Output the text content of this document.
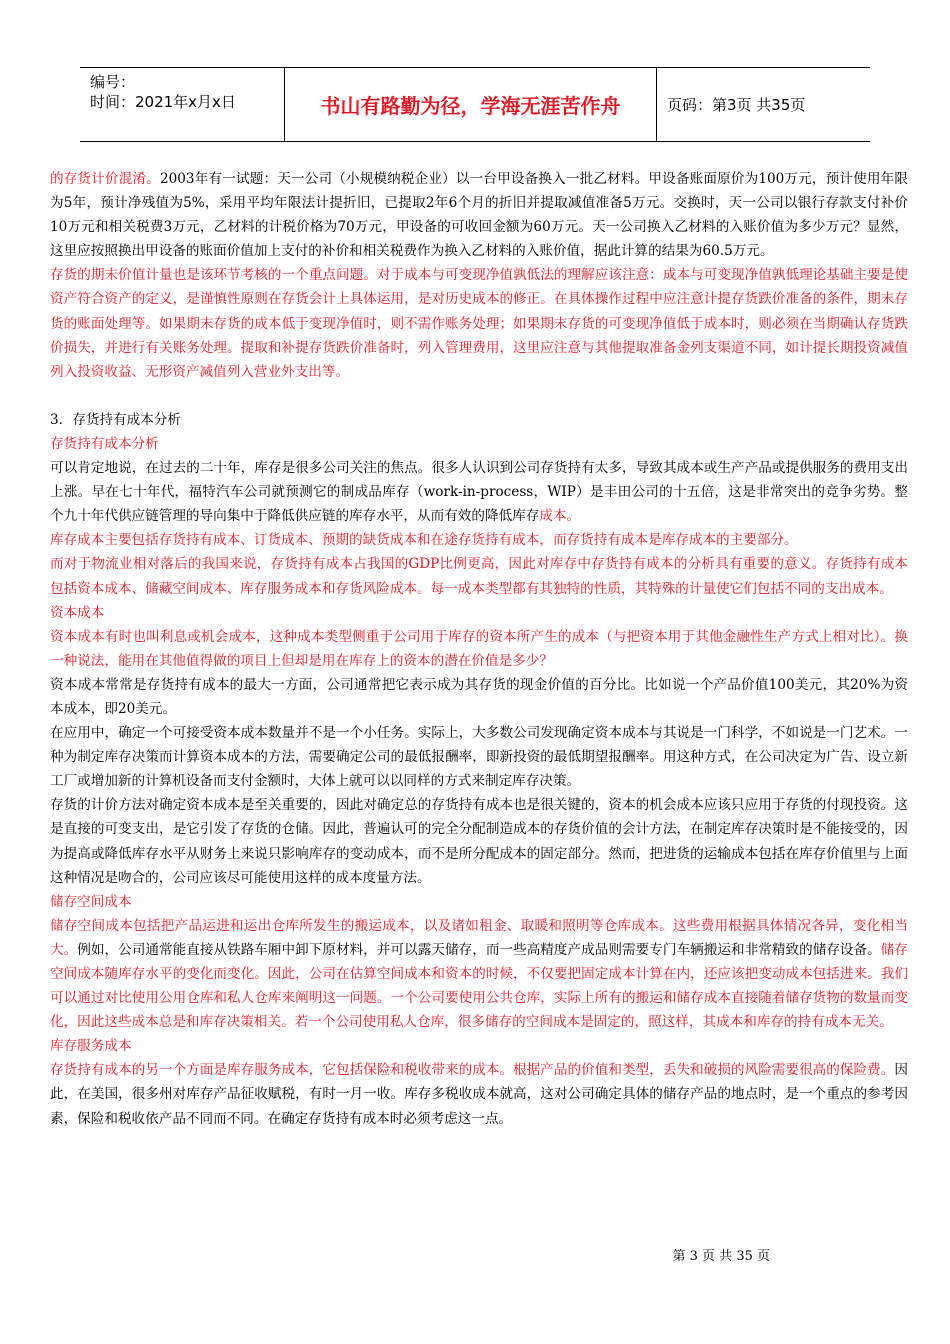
编号：
时间：2021年x月x日	书山有路勤为径，学海无涯苦作舟	页码：第3页 共35页

的存货计价混淆。2003年有一试题：天一公司（小规模纳税企业）以一台甲设备换入一批乙材料。甲设备账面原价为100万元，预计使用年限为5年，预计净残值为5%，采用平均年限法计提折旧，已提取2年6个月的折旧并提取减值准备5万元。交换时，天一公司以银行存款支付补价10万元和相关税费3万元，乙材料的计税价格为70万元，甲设备的可收回金额为60万元。天一公司换入乙材料的入账价值为多少万元？显然，这里应按照换出甲设备的账面价值加上支付的补价和相关税费作为换入乙材料的入账价值，据此计算的结果为60.5万元。

存货的期末价值计量也是该环节考核的一个重点问题。对于成本与可变现净值孰低法的理解应该注意：成本与可变现净值孰低理论基础主要是使资产符合资产的定义，是谨慎性原则在存货会计上具体运用，是对历史成本的修正。在具体操作过程中应注意计提存货跌价准备的条件，期末存货的账面处理等。如果期末存货的成本低于变现净值时，则不需作账务处理；如果期末存货的可变现净值低于成本时，则必须在当期确认存货跌价损失，并进行有关账务处理。提取和补提存货跌价准备时，列入管理费用，这里应注意与其他提取准备金列支渠道不同，如计提长期投资减值列入投资收益、无形资产减值列入营业外支出等。

3．存货持有成本分析

存货持有成本分析

可以肯定地说，在过去的二十年，库存是很多公司关注的焦点。很多人认识到公司存货持有太多，导致其成本或生产产品或提供服务的费用支出上涨。早在七十年代，福特汽车公司就预测它的制成品库存（work-in-process，WIP）是丰田公司的十五倍，这是非常突出的竞争劣势。整个九十年代供应链管理的导向集中于降低供应链的库存水平，从而有效的降低库存成本。

库存成本主要包括存货持有成本、订货成本、预期的缺货成本和在途存货持有成本，而存货持有成本是库存成本的主要部分。

而对于物流业相对落后的我国来说，存货持有成本占我国的GDP比例更高，因此对库存中存货持有成本的分析具有重要的意义。存货持有成本包括资本成本、储藏空间成本、库存服务成本和存货风险成本。每一成本类型都有其独特的性质，其特殊的计量使它们包括不同的支出成本。

资本成本

资本成本有时也叫利息或机会成本，这种成本类型侧重于公司用于库存的资本所产生的成本（与把资本用于其他金融性生产方式上相对比）。换一种说法，能用在其他值得做的项目上但却是用在库存上的资本的潜在价值是多少？

资本成本常常是存货持有成本的最大一方面，公司通常把它表示成为其存货的现金价值的百分比。比如说一个产品价值100美元，其20%为资本成本，即20美元。

在应用中，确定一个可接受资本成本数量并不是一个小任务。实际上，大多数公司发现确定资本成本与其说是一门科学，不如说是一门艺术。一种为制定库存决策而计算资本成本的方法，需要确定公司的最低报酬率，即新投资的最低期望报酬率。用这种方式，在公司决定为广告、设立新工厂或增加新的计算机设备而支付金额时，大体上就可以以同样的方式来制定库存决策。

存货的计价方法对确定资本成本是至关重要的，因此对确定总的存货持有成本也是很关键的，资本的机会成本应该只应用于存货的付现投资。这是直接的可变支出，是它引发了存货的仓储。因此，普遍认可的完全分配制造成本的存货价值的会计方法，在制定库存决策时是不能接受的，因为提高或降低库存水平从财务上来说只影响库存的变动成本，而不是所分配成本的固定部分。然而，把进货的运输成本包括在库存价值里与上面这种情况是吻合的，公司应该尽可能使用这样的成本度量方法。

储存空间成本

储存空间成本包括把产品运进和运出仓库所发生的搬运成本，以及诸如租金、取暖和照明等仓库成本。这些费用根据具体情况各异，变化相当大。例如，公司通常能直接从铁路车厢中卸下原材料，并可以露天储存，而一些高精度产成品则需要专门车辆搬运和非常精致的储存设备。储存空间成本随库存水平的变化而变化。因此，公司在估算空间成本和资本的时候，不仅要把固定成本计算在内，还应该把变动成本包括进来。我们可以通过对比使用公用仓库和私人仓库来阐明这一问题。一个公司要使用公共仓库，实际上所有的搬运和储存成本直接随着储存货物的数量而变化，因此这些成本总是和库存决策相关。若一个公司使用私人仓库，很多储存的空间成本是固定的，照这样，其成本和库存的持有成本无关。

库存服务成本

存货持有成本的另一个方面是库存服务成本，它包括保险和税收带来的成本。根据产品的价值和类型，丢失和破损的风险需要很高的保险费。因此，在美国，很多州对库存产品征收赋税，有时一月一收。库存多税收成本就高，这对公司确定具体的储存产品的地点时，是一个重点的参考因素，保险和税收依产品不同而不同。在确定存货持有成本时必须考虑这一点。

第 3 页 共 35 页
